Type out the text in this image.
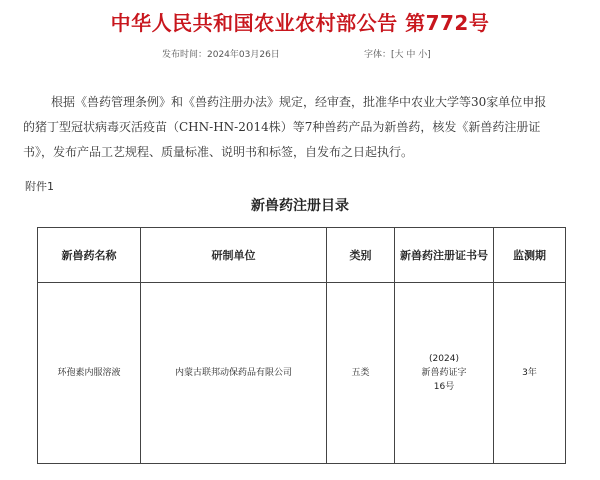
中华人民共和国农业农村部公告 第772号
发布时间：2024年03月26日	字体：[大 中 小]
根据《兽药管理条例》和《兽药注册办法》规定，经审查，批准华中农业大学等30家单位申报
的猪丁型冠状病毒灭活疫苗（CHN-HN-2014株）等7种兽药产品为新兽药，核发《新兽药注册证
书》，发布产品工艺规程、质量标准、说明书和标签，自发布之日起执行。
附件1
新兽药注册目录
新兽药名称	研制单位	类别	新兽药注册证书号	监测期
环孢素内服溶液	内蒙古联邦动保药品有限公司	五类	(2024)
新兽药证字
16号	3年
